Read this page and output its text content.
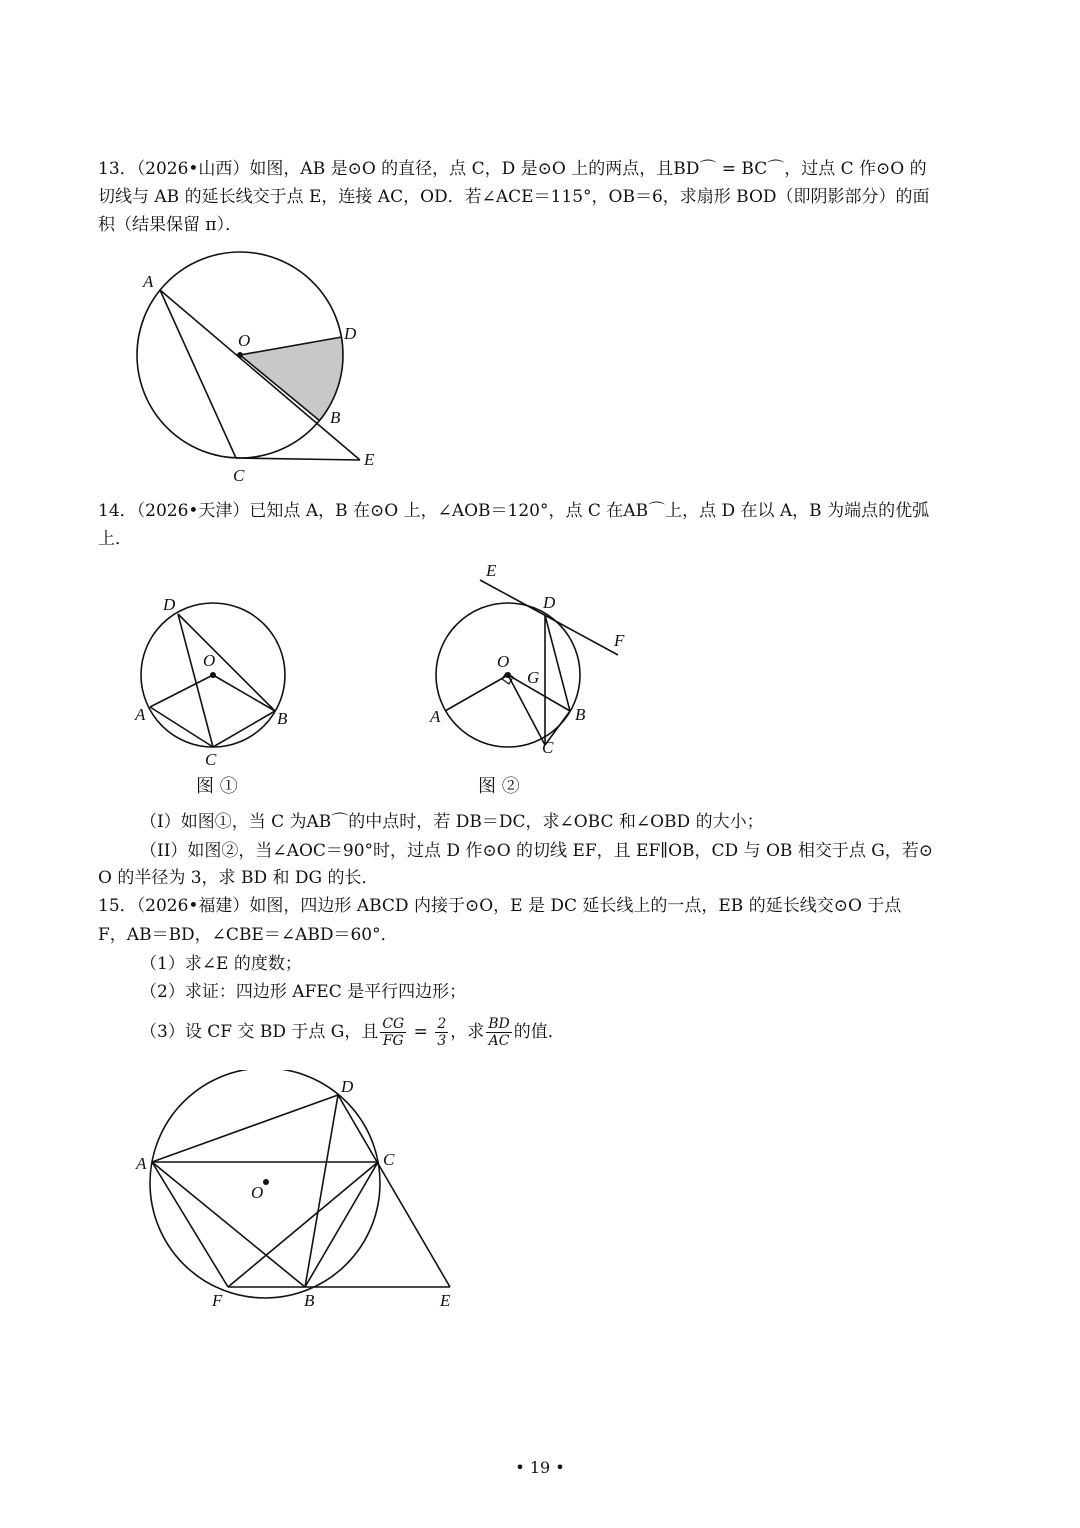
13．（2026•山西）如图，AB 是⊙O 的直径，点 C，D 是⊙O 上的两点，且BD⌒ = BC⌒，过点 C 作⊙O 的
切线与 AB 的延长线交于点 E，连接 AC，OD．若∠ACE＝115°，OB＝6，求扇形 BOD（即阴影部分）的面
积（结果保留 π）．
A
O	D
B
C
E
14．（2026•天津）已知点 A，B 在⊙O 上，∠AOB＝120°，点 C 在AB⌒上，点 D 在以 A，B 为端点的优弧
上．
D
O
A	B
C
图 ①
E
D
F
O
G
A	B
C
图 ②
（I）如图①，当 C 为AB⌒的中点时，若 DB＝DC，求∠OBC 和∠OBD 的大小；
（II）如图②，当∠AOC＝90°时，过点 D 作⊙O 的切线 EF，且 EF∥OB，CD 与 OB 相交于点 G，若⊙
O 的半径为 3，求 BD 和 DG 的长．
15．（2026•福建）如图，四边形 ABCD 内接于⊙O，E 是 DC 延长线上的一点，EB 的延长线交⊙O 于点
F，AB＝BD，∠CBE＝∠ABD＝60°．
（1）求∠E 的度数；
（2）求证：四边形 AFEC 是平行四边形；
（3）设 CF 交 BD 于点 G，且 $\frac{CG}{FG} = \frac{2}{3}$ ，求 $\frac{BD}{AC}$ 的值．
D
A	C
O
F	B	E
• 19 •
